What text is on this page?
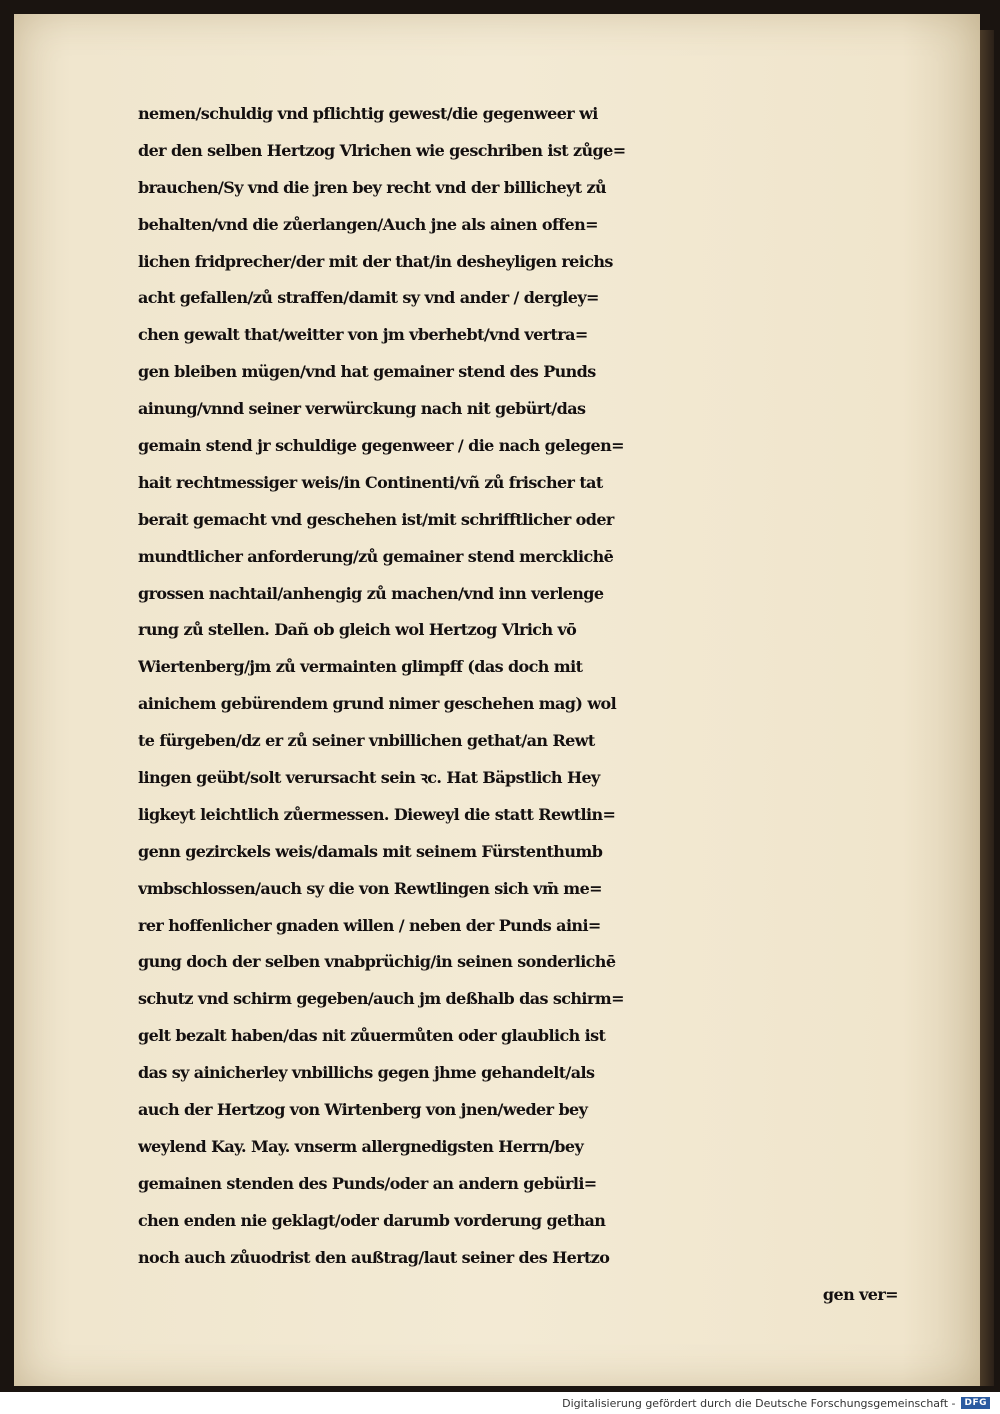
nemen/schuldig vnd pflichtig gewest/die gegenweer wi
der den selben Hertzog Vlrichen wie geschriben ist zůge=
brauchen/Sy vnd die jren bey recht vnd der billicheyt zů
behalten/vnd die zůerlangen/Auch jne als ainen offen=
lichen fridprecher/der mit der that/in desheyligen reichs
acht gefallen/zů straffen/damit sy vnd ander / dergley=
chen gewalt that/weitter von jm vberhebt/vnd vertra=
gen bleiben mügen/vnd hat gemainer stend des Punds
ainung/vnnd seiner verwürckung nach nit gebürt/das
gemain stend jr schuldige gegenweer / die nach gelegen=
hait rechtmessiger weis/in Continenti/vñ zů frischer tat
berait gemacht vnd geschehen ist/mit schrifftlicher oder
mundtlicher anforderung/zů gemainer stend mercklichē
grossen nachtail/anhengig zů machen/vnd inn verlenge
rung zů stellen. Dañ ob gleich wol Hertzog Vlrich vō
Wiertenberg/jm zů vermainten glimpff (das doch mit
ainichem gebürendem grund nimer geschehen mag) wol
te fürgeben/dz er zů seiner vnbillichen gethat/an Rewt
lingen geübt/solt verursacht sein ꝛc. Hat Bäpstlich Hey
ligkeyt leichtlich zůermessen. Dieweyl die statt Rewtlin=
genn gezirckels weis/damals mit seinem Fürstenthumb
vmbschlossen/auch sy die von Rewtlingen sich vm̄ me=
rer hoffenlicher gnaden willen / neben der Punds aini=
gung doch der selben vnabprüchig/in seinen sonderlichē
schutz vnd schirm gegeben/auch jm deßhalb das schirm=
gelt bezalt haben/das nit zůuermůten oder glaublich ist
das sy ainicherley vnbillichs gegen jhme gehandelt/als
auch der Hertzog von Wirtenberg von jnen/weder bey
weylend Kay. May. vnserm allergnedigsten Herrn/bey
gemainen stenden des Punds/oder an andern gebürli=
chen enden nie geklagt/oder darumb vorderung gethan
noch auch zůuodrist den außtrag/laut seiner des Hertzo
gen ver=
Digitalisierung gefördert durch die Deutsche Forschungsgemeinschaft -	DFG
